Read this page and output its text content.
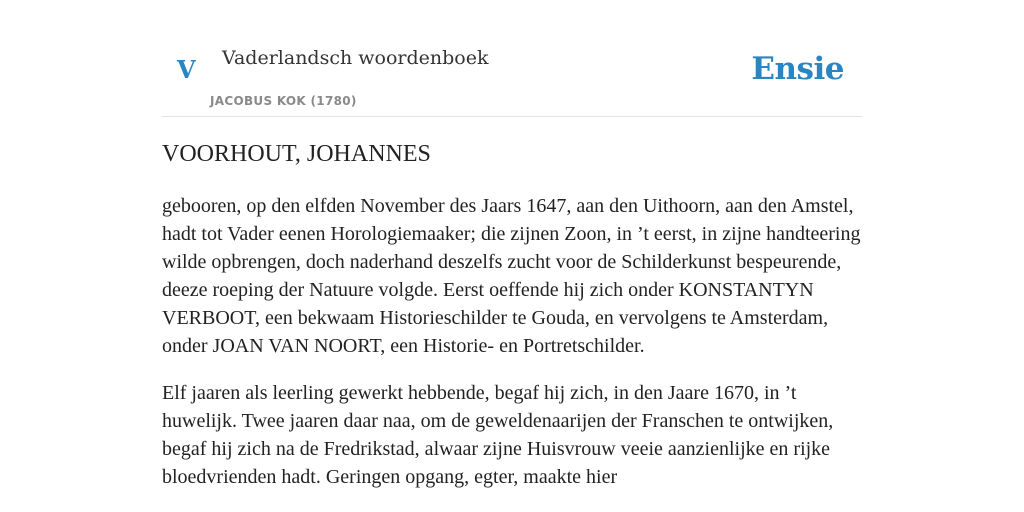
V Vaderlandsch woordenboek
JACOBUS KOK (1780)
Ensie
VOORHOUT, JOHANNES

gebooren, op den elfden November des Jaars 1647, aan den Uithoorn, aan den Amstel, hadt tot Vader eenen Horologiemaaker; die zijnen Zoon, in ’t eerst, in zijne handteering wilde opbrengen, doch naderhand deszelfs zucht voor de Schilderkunst bespeurende, deeze roeping der Natuure volgde. Eerst oeffende hij zich onder KONSTANTYN VERBOOT, een bekwaam Historieschilder te Gouda, en vervolgens te Amsterdam, onder JOAN VAN NOORT, een Historie- en Portretschilder.

Elf jaaren als leerling gewerkt hebbende, begaf hij zich, in den Jaare 1670, in ’t huwelijk. Twee jaaren daar naa, om de geweldenaarijen der Franschen te ontwijken, begaf hij zich na de Fredrikstad, alwaar zijne Huisvrouw veeie aanzienlijke en rijke bloedvrienden hadt. Geringen opgang, egter, maakte hier
